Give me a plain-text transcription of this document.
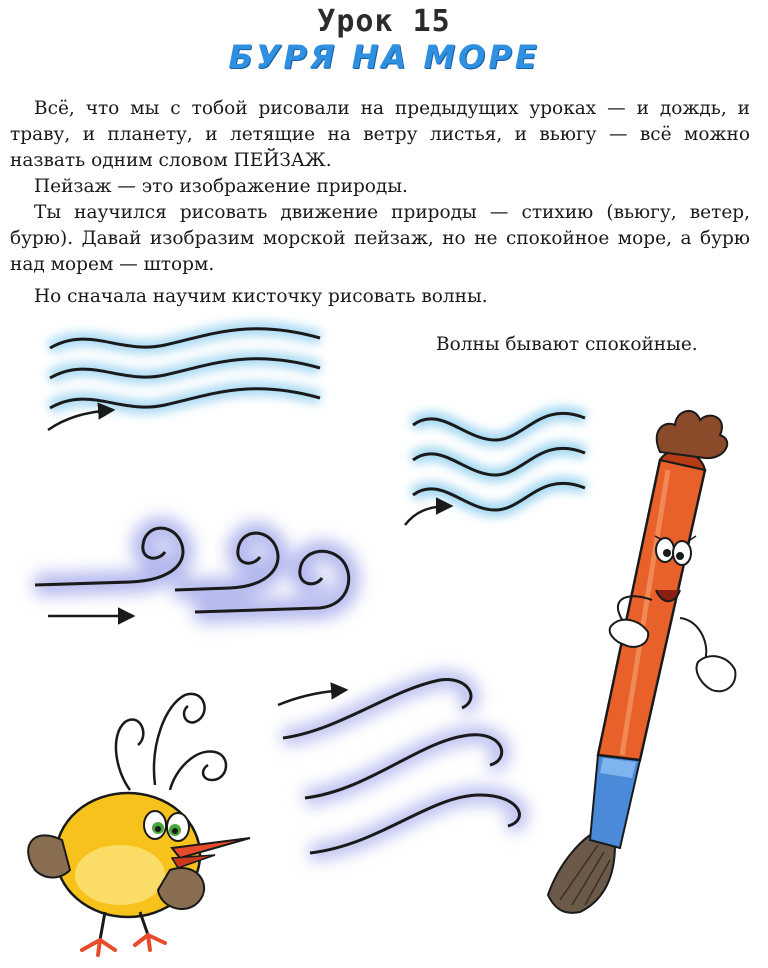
Урок 15
БУРЯ НА МОРЕ

Всё, что мы с тобой рисовали на предыдущих уроках — и дождь, и траву, и планету, и летящие на ветру листья, и вьюгу — всё можно назвать одним словом ПЕЙЗАЖ.

Пейзаж — это изображение природы.

Ты научился рисовать движение природы — стихию (вьюгу, ветер, бурю). Давай изобразим морской пейзаж, но не спокойное море, а бурю над морем — шторм.

Но сначала научим кисточку рисовать волны.

Волны бывают спокойные.
